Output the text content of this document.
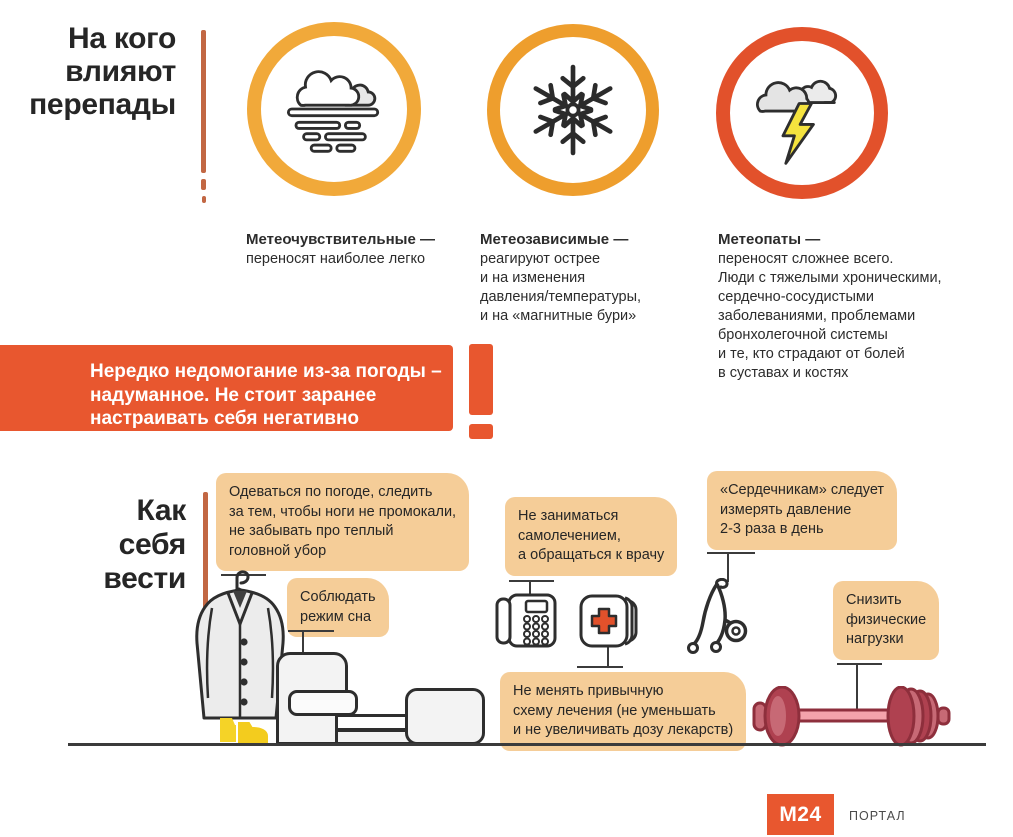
На кого
влияют
перепады
Метеочувствительные —
переносят наиболее легко
Метеозависимые —
реагируют острее
и на изменения
давления/температуры,
и на «магнитные бури»
Метеопаты —
переносят сложнее всего.
Люди с тяжелыми хроническими,
сердечно-сосудистыми
заболеваниями, проблемами
бронхолегочной системы
и те, кто страдают от болей
в суставах и костях
Нередко недомогание из-за погоды –
надуманное. Не стоит заранее
настраивать себя негативно
Как
себя
вести
Одеваться по погоде, следить
за тем, чтобы ноги не промокали,
не забывать про теплый
головной убор
Соблюдать
режим сна
Не заниматься
самолечением,
а обращаться к врачу
«Сердечникам» следует
измерять давление
2-3 раза в день
Снизить
физические
нагрузки
Не менять привычную
схему лечения (не уменьшать
и не увеличивать дозу лекарств)
М24 ПОРТАЛ
